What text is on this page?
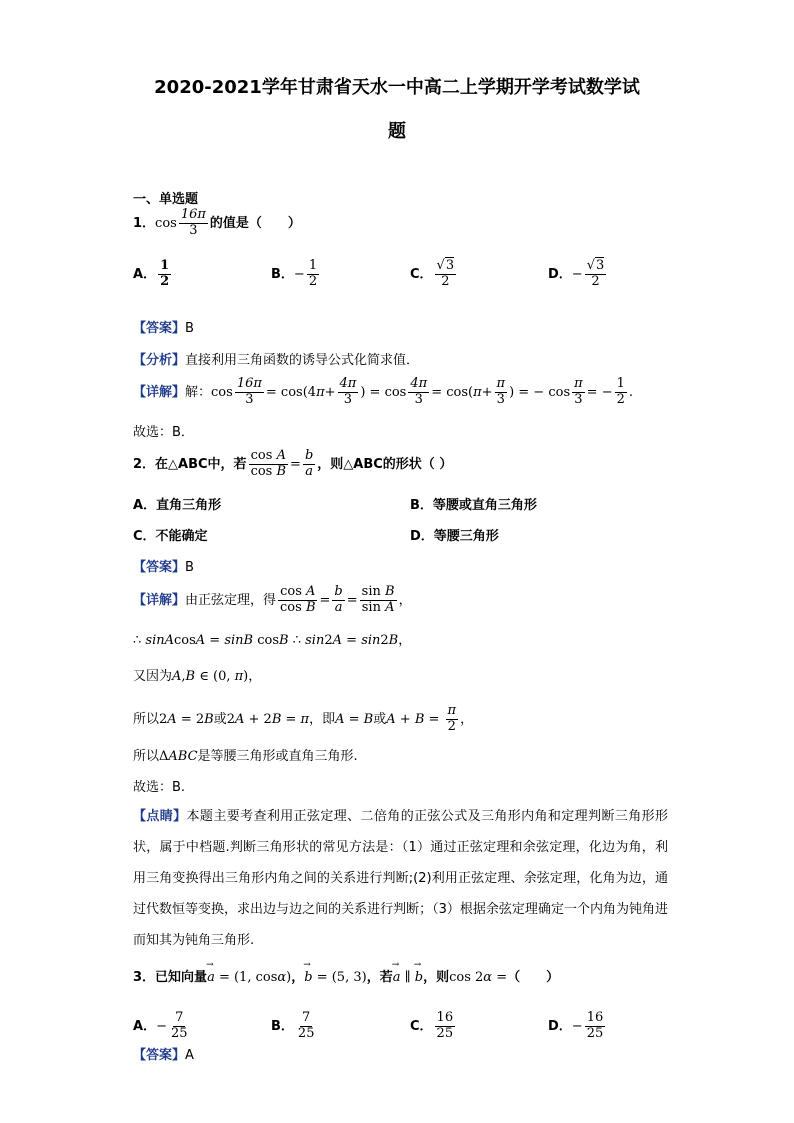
2020-2021学年甘肃省天水一中高二上学期开学考试数学试
题
一、单选题
1．$\cos \frac{16\pi}{3}$ 的值是（　　）
A． $\frac{1}{2}$	B．− $\frac{1}{2}$	C． $\frac{√3}{2}$	D．− $\frac{√3}{2}$
【答案】B
【分析】直接利用三角函数的诱导公式化简求值．
【详解】解：$\cos \frac{16\pi}{3} = \cos(4\pi+ \frac{4\pi}{3}$ ) = $\cos \frac{4\pi}{3} = \cos(\pi+ \frac{\pi}{3}$ ) = − $\cos \frac{\pi}{3}$ = − $\frac{1}{2}$ .
故选：B．
2．在△ABC中，若 $\frac{\text{cos A}}{\text{cos B}} = \frac{b}{a}$ ，则△ABC的形状（ ）
A．直角三角形	B．等腰或直角三角形
C．不能确定	D．等腰三角形
【答案】B
【详解】由正弦定理，得 $\frac{\text{cos A}}{\text{cos B}} = \frac{b}{a} = \frac{\text{sin B}}{\text{sin A}}$ ，
∴ sinAcosA = sinB cosB ∴ sin2A = sin2B，
又因为A,B ∈ (0, π)，
所以2A = 2B或2A + 2B = π，即A = B或$A + B = \frac{\pi}{2}$ ，
所以ΔABC是等腰三角形或直角三角形.
故选：B.
【点睛】本题主要考查利用正弦定理、二倍角的正弦公式及三角形内角和定理判断三角形形状，属于中档题.判断三角形状的常见方法是：（1）通过正弦定理和余弦定理，化边为角，利用三角变换得出三角形内角之间的关系进行判断;(2)利用正弦定理、余弦定理，化角为边，通过代数恒等变换，求出边与边之间的关系进行判断；（3）根据余弦定理确定一个内角为钝角进而知其为钝角三角形.
3．已知向量→ a = (1, cosα)，→ b = (5, 3)，若→ a ∥ → b，则cos 2α =（　　）
A．− $\frac{7}{25}$	B． $\frac{7}{25}$	C． $\frac{16}{25}$	D．− $\frac{16}{25}$
【答案】A
